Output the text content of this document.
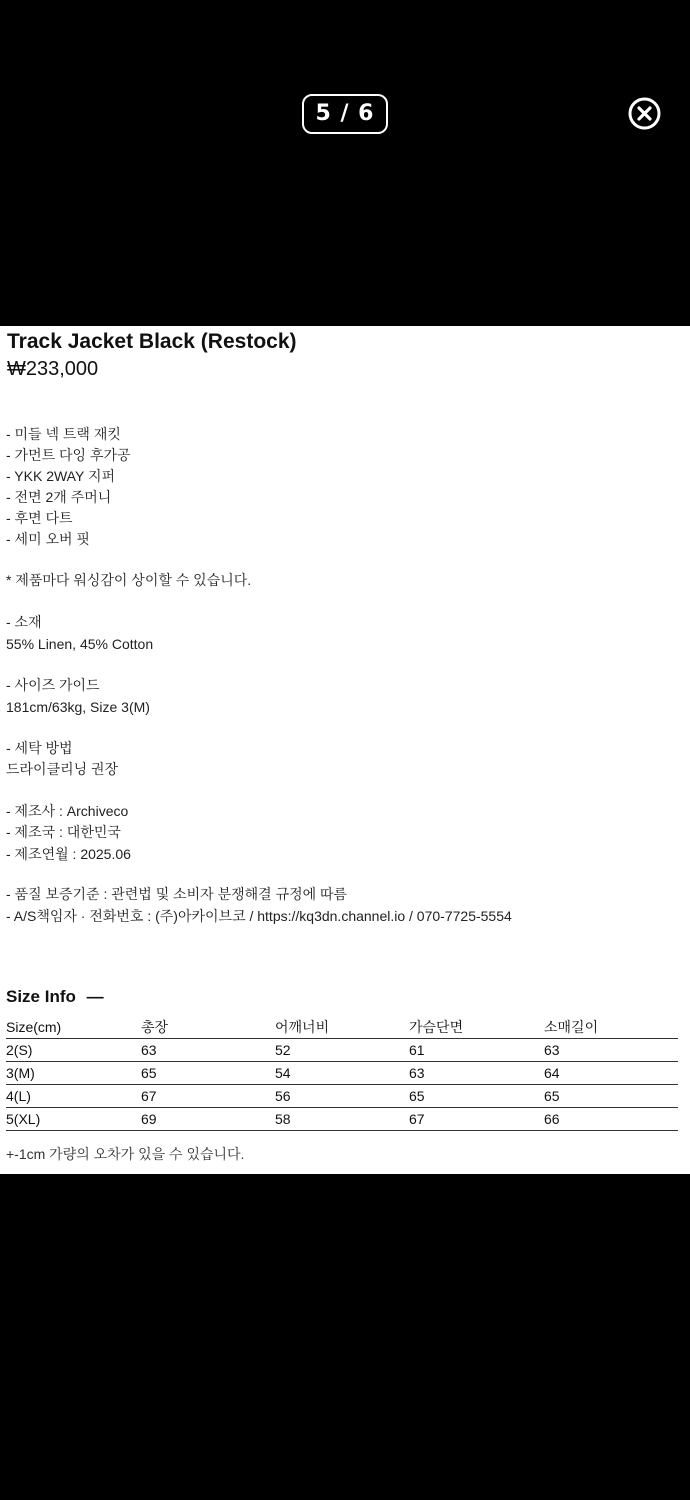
5 / 6
Track Jacket Black (Restock)
₩233,000
- 미들 넥 트랙 재킷
- 가먼트 다잉 후가공
- YKK 2WAY 지퍼
- 전면 2개 주머니
- 후면 다트
- 세미 오버 핏
* 제품마다 워싱감이 상이할 수 있습니다.
- 소재
55% Linen, 45% Cotton
- 사이즈 가이드
181cm/63kg, Size 3(M)
- 세탁 방법
드라이클리닝 권장
- 제조사 : Archiveco
- 제조국 : 대한민국
- 제조연월 : 2025.06
- 품질 보증기준 : 관련법 및 소비자 분쟁해결 규정에 따름
- A/S책임자 · 전화번호 : (주)아카이브코 / https://kq3dn.channel.io / 070-7725-5554
Size Info —
Size(cm)	총장	어깨너비	가슴단면	소매길이
2(S)	63	52	61	63
3(M)	65	54	63	64
4(L)	67	56	65	65
5(XL)	69	58	67	66
+-1cm 가량의 오차가 있을 수 있습니다.
